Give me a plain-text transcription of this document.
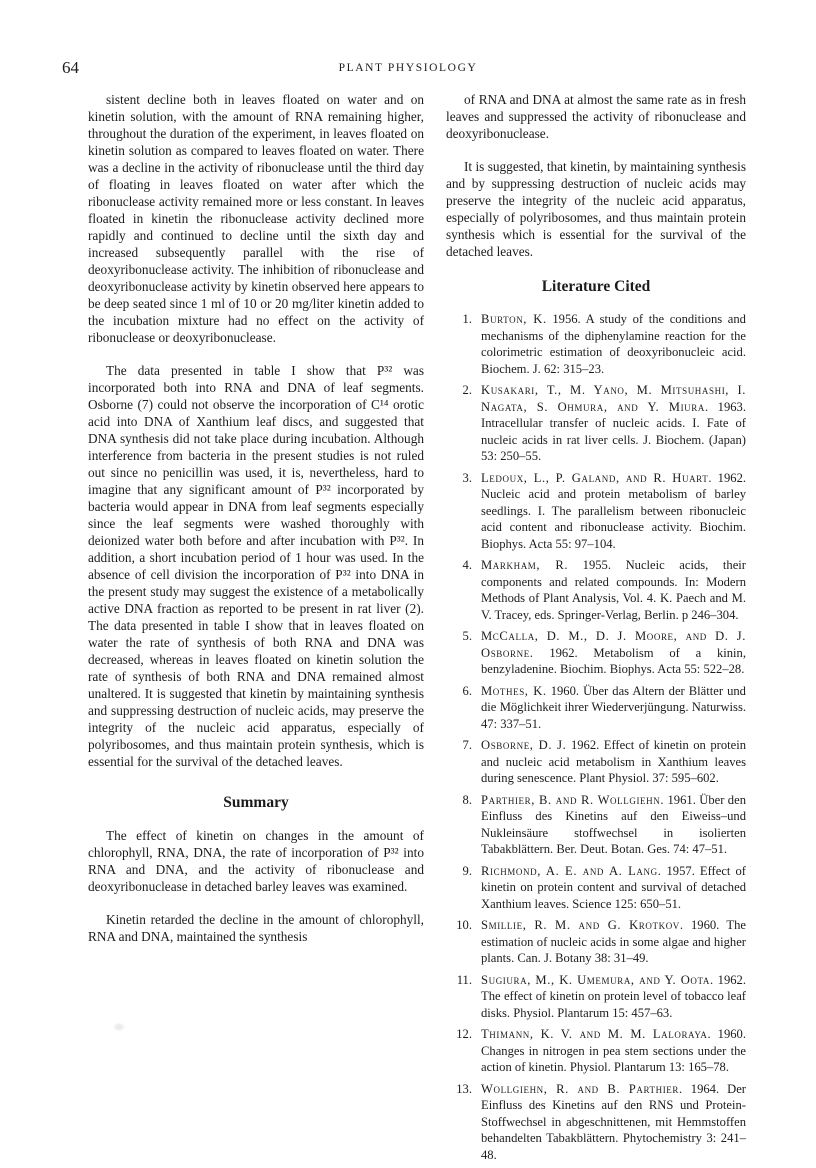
64	PLANT PHYSIOLOGY

sistent decline both in leaves floated on water and on kinetin solution, with the amount of RNA remaining higher, throughout the duration of the experiment, in leaves floated on kinetin solution as compared to leaves floated on water. There was a decline in the activity of ribonuclease until the third day of floating in leaves floated on water after which the ribonuclease activity remained more or less constant. In leaves floated in kinetin the ribonuclease activity declined more rapidly and continued to decline until the sixth day and increased subsequently parallel with the rise of deoxyribonuclease activity. The inhibition of ribonuclease and deoxyribonuclease activity by kinetin observed here appears to be deep seated since 1 ml of 10 or 20 mg/liter kinetin added to the incubation mixture had no effect on the activity of ribonuclease or deoxyribonuclease.

The data presented in table I show that P³² was incorporated both into RNA and DNA of leaf segments. Osborne (7) could not observe the incorporation of C¹⁴ orotic acid into DNA of Xanthium leaf discs, and suggested that DNA synthesis did not take place during incubation. Although interference from bacteria in the present studies is not ruled out since no penicillin was used, it is, nevertheless, hard to imagine that any significant amount of P³² incorporated by bacteria would appear in DNA from leaf segments especially since the leaf segments were washed thoroughly with deionized water both before and after incubation with P³². In addition, a short incubation period of 1 hour was used. In the absence of cell division the incorporation of P³² into DNA in the present study may suggest the existence of a metabolically active DNA fraction as reported to be present in rat liver (2). The data presented in table I show that in leaves floated on water the rate of synthesis of both RNA and DNA was decreased, whereas in leaves floated on kinetin solution the rate of synthesis of both RNA and DNA remained almost unaltered. It is suggested that kinetin by maintaining synthesis and suppressing destruction of nucleic acids, may preserve the integrity of the nucleic acid apparatus, especially of polyribosomes, and thus maintain protein synthesis, which is essential for the survival of the detached leaves.

Summary

The effect of kinetin on changes in the amount of chlorophyll, RNA, DNA, the rate of incorporation of P³² into RNA and DNA, and the activity of ribonuclease and deoxyribonuclease in detached barley leaves was examined.

Kinetin retarded the decline in the amount of chlorophyll, RNA and DNA, maintained the synthesis

of RNA and DNA at almost the same rate as in fresh leaves and suppressed the activity of ribonuclease and deoxyribonuclease.

It is suggested, that kinetin, by maintaining synthesis and by suppressing destruction of nucleic acids may preserve the integrity of the nucleic acid apparatus, especially of polyribosomes, and thus maintain protein synthesis which is essential for the survival of the detached leaves.

Literature Cited
1. Burton, K. 1956. A study of the conditions and mechanisms of the diphenylamine reaction for the colorimetric estimation of deoxyribonucleic acid. Biochem. J. 62: 315–23.
2. Kusakari, T., M. Yano, M. Mitsuhashi, I. Nagata, S. Ohmura, and Y. Miura. 1963. Intracellular transfer of nucleic acids. I. Fate of nucleic acids in rat liver cells. J. Biochem. (Japan) 53: 250–55.
3. Ledoux, L., P. Galand, and R. Huart. 1962. Nucleic acid and protein metabolism of barley seedlings. I. The parallelism between ribonucleic acid content and ribonuclease activity. Biochim. Biophys. Acta 55: 97–104.
4. Markham, R. 1955. Nucleic acids, their components and related compounds. In: Modern Methods of Plant Analysis, Vol. 4. K. Paech and M. V. Tracey, eds. Springer-Verlag, Berlin. p 246–304.
5. McCalla, D. M., D. J. Moore, and D. J. Osborne. 1962. Metabolism of a kinin, benzyladenine. Biochim. Biophys. Acta 55: 522–28.
6. Mothes, K. 1960. Über das Altern der Blätter und die Möglichkeit ihrer Wiederverjüngung. Naturwiss. 47: 337–51.
7. Osborne, D. J. 1962. Effect of kinetin on protein and nucleic acid metabolism in Xanthium leaves during senescence. Plant Physiol. 37: 595–602.
8. Parthier, B. and R. Wollgiehn. 1961. Über den Einfluss des Kinetins auf den Eiweiss–und Nukleinsäure stoffwechsel in isolierten Tabakblättern. Ber. Deut. Botan. Ges. 74: 47–51.
9. Richmond, A. E. and A. Lang. 1957. Effect of kinetin on protein content and survival of detached Xanthium leaves. Science 125: 650–51.
10. Smillie, R. M. and G. Krotkov. 1960. The estimation of nucleic acids in some algae and higher plants. Can. J. Botany 38: 31–49.
11. Sugiura, M., K. Umemura, and Y. Oota. 1962. The effect of kinetin on protein level of tobacco leaf disks. Physiol. Plantarum 15: 457–63.
12. Thimann, K. V. and M. M. Laloraya. 1960. Changes in nitrogen in pea stem sections under the action of kinetin. Physiol. Plantarum 13: 165–78.
13. Wollgiehn, R. and B. Parthier. 1964. Der Einfluss des Kinetins auf den RNS und Protein-Stoffwechsel in abgeschnittenen, mit Hemmstoffen behandelten Tabakblättern. Phytochemistry 3: 241–48.
